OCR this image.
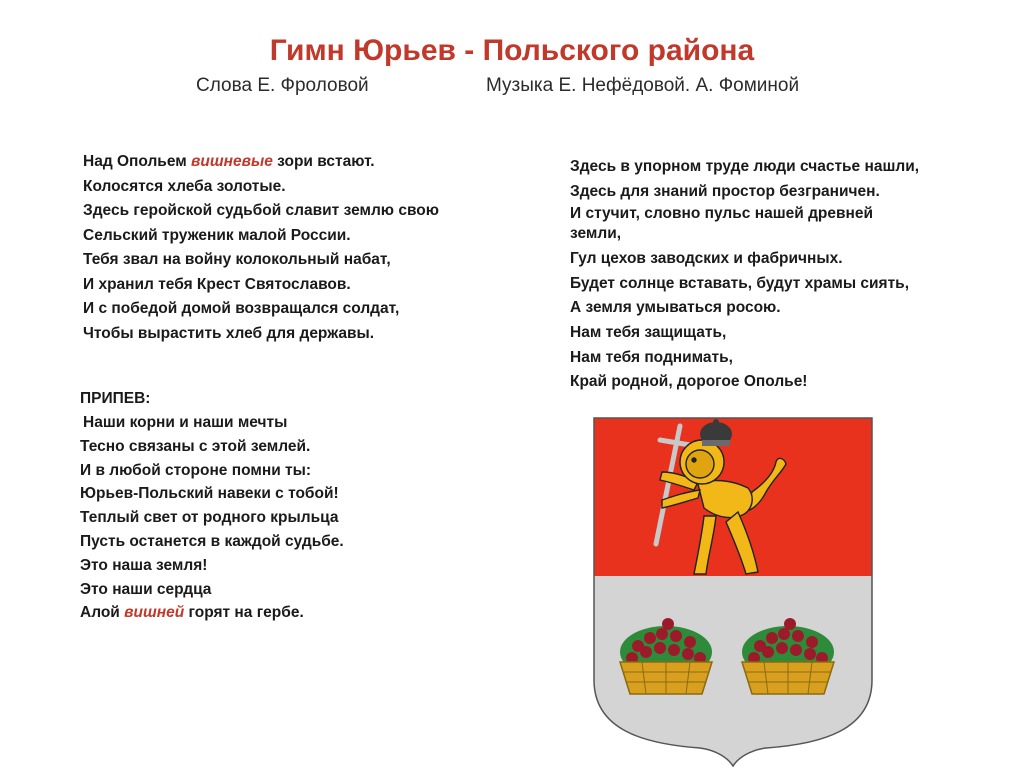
Гимн Юрьев - Польского района
Слова Е. Фроловой	Музыка Е. Нефёдовой. А. Фоминой
Над Опольем вишневые зори встают.
Колосятся хлеба золотые.
Здесь геройской судьбой славит землю свою
Сельский труженик малой России.
Тебя звал на войну колокольный набат,
И хранил тебя Крест Святославов.
И с победой домой возвращался солдат,
Чтобы вырастить хлеб для державы.
ПРИПЕВ:
Наши корни и наши мечты
Тесно связаны с этой землей.
И в любой стороне помни ты:
Юрьев-Польский навеки с тобой!
Теплый свет от родного крыльца
Пусть останется в каждой судьбе.
Это наша земля!
Это наши сердца
Алой вишней горят на гербе.
Здесь в упорном труде люди счастье нашли,
Здесь для знаний простор безграничен.
И стучит, словно пульс нашей древней земли,
Гул цехов заводских и фабричных.
Будет солнце вставать, будут храмы сиять,
А земля умываться росою.
Нам тебя защищать,
Нам тебя поднимать,
Край родной, дорогое Ополье!
